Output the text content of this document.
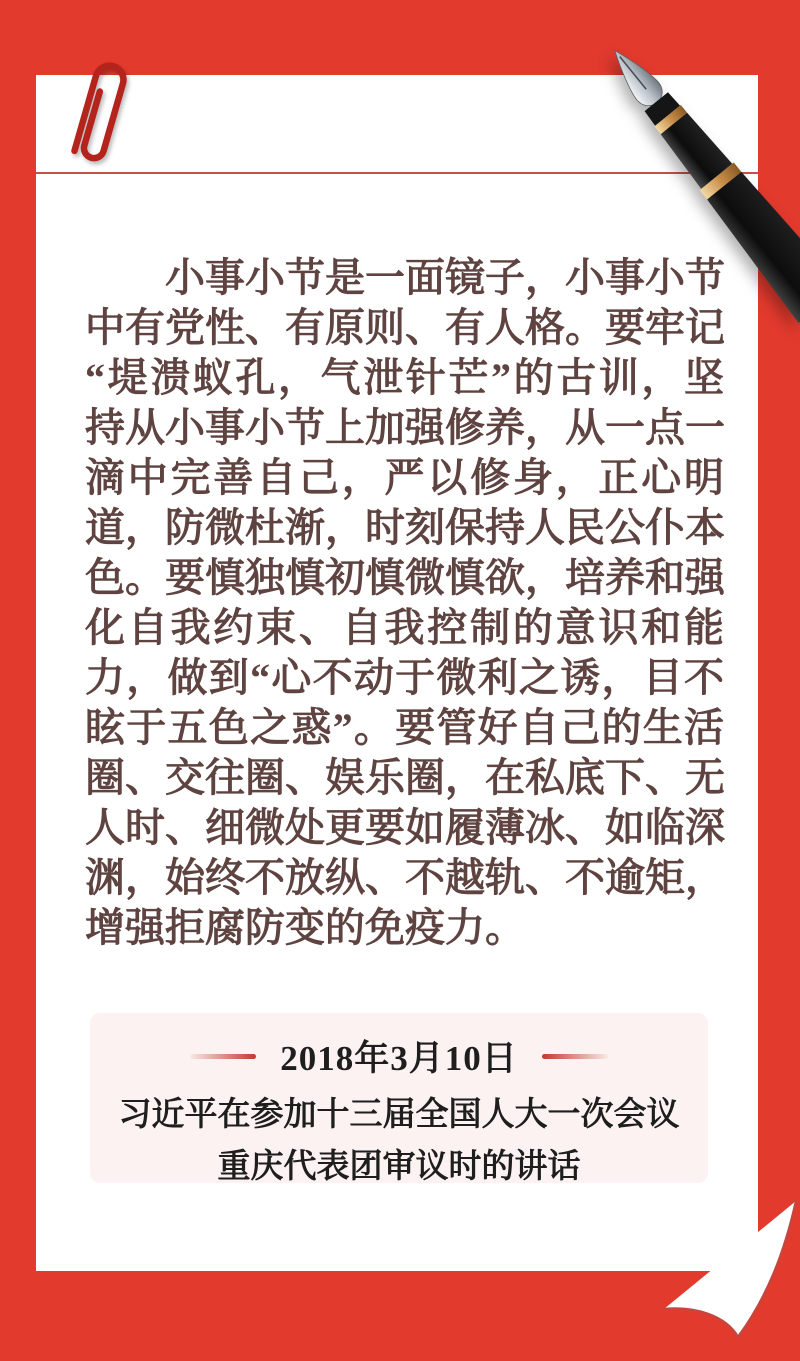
　　小事小节是一面镜子，小事小节
中有党性、有原则、有人格。要牢记
“堤溃蚁孔，气泄针芒”的古训，坚
持从小事小节上加强修养，从一点一
滴中完善自己，严以修身，正心明
道，防微杜渐，时刻保持人民公仆本
色。要慎独慎初慎微慎欲，培养和强
化自我约束、自我控制的意识和能
力，做到“心不动于微利之诱，目不
眩于五色之惑”。要管好自己的生活
圈、交往圈、娱乐圈，在私底下、无
人时、细微处更要如履薄冰、如临深
渊，始终不放纵、不越轨、不逾矩，
增强拒腐防变的免疫力。
2018年3月10日
习近平在参加十三届全国人大一次会议
重庆代表团审议时的讲话
